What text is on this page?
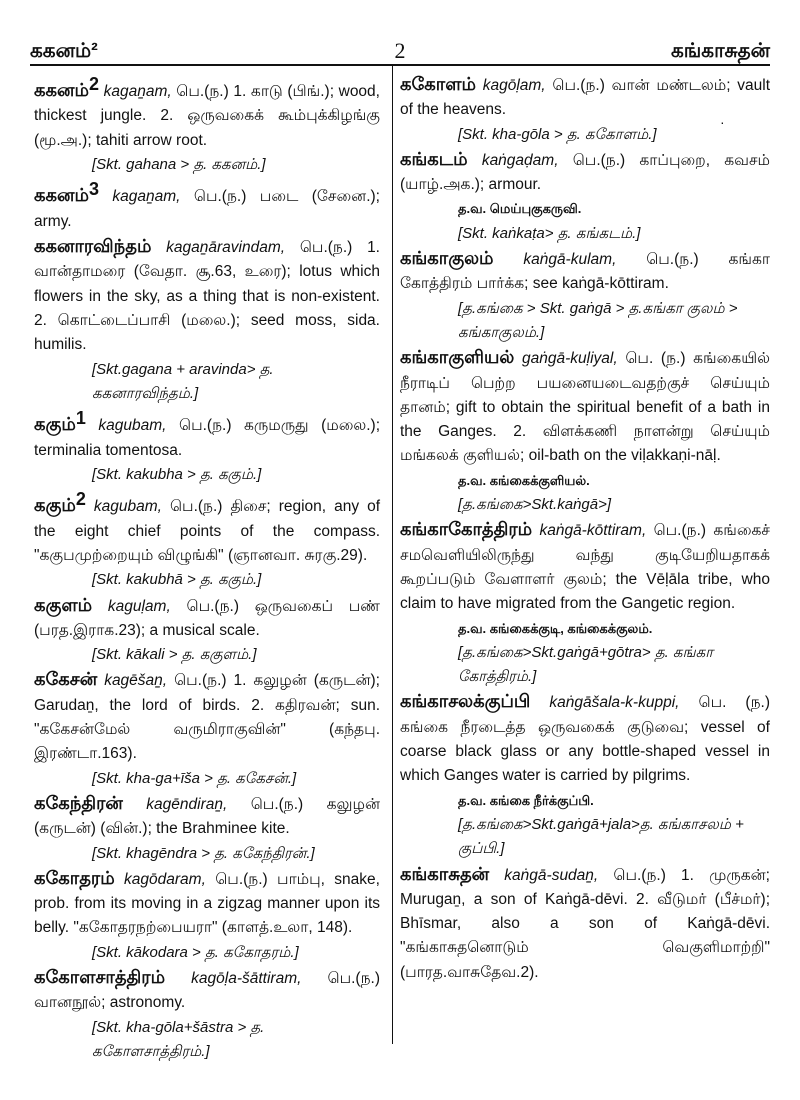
ககனம்²	2	கங்காசுதன்
·

ககனம்$^2$ kagaṉam, பெ.(ந.) 1. காடு (பிங்.); wood, thickest jungle. 2. ஒருவகைக் கூம்புக்கிழங்கு (மூ.அ.); tahiti arrow root.

[Skt. gahana > த. ககனம்.]

ககனம்$^3$ kagaṉam, பெ.(ந.) படை (சேனை.); army.

ககனாரவிந்தம் kagaṉāravindam, பெ.(ந.) 1. வான்தாமரை (வேதா. சூ.63, உரை); lotus which flowers in the sky, as a thing that is non-existent. 2. கொட்டைப்பாசி (மலை.); seed moss, sida. humilis.

[Skt.gagana + aravinda> த. ககனாரவிந்தம்.]

ககும்$^1$ kagubam, பெ.(ந.) கருமருது (மலை.); terminalia tomentosa.

[Skt. kakubha > த. ககும்.]

ககும்$^2$ kagubam, பெ.(ந.) திசை; region, any of the eight chief points of the compass. "ககுபமுற்றையும் விழுங்கி" (ஞானவா. சுரகு.29).

[Skt. kakubhā > த. ககும்.]

ககுளம் kaguḷam, பெ.(ந.) ஒருவகைப் பண் (பரத.இராக.23); a musical scale.

[Skt. kākali > த. ககுளம்.]

ககேசன் kagēšaṉ, பெ.(ந.) 1. கலுழன் (கருடன்); Garudaṉ, the lord of birds. 2. கதிரவன்; sun. "ககேசன்மேல் வருமிராகுவின்" (கந்தபு. இரண்டா.163).

[Skt. kha-ga+īša > த. ககேசன்.]

ககேந்திரன் kagēndiraṉ, பெ.(ந.) கலுழன் (கருடன்) (வின்.); the Brahminee kite.

[Skt. khagēndra > த. ககேந்திரன்.]

ககோதரம் kagōdaram, பெ.(ந.) பாம்பு, snake, prob. from its moving in a zigzag manner upon its belly. "ககோதரநற்பையரா" (காளத்.உலா, 148).

[Skt. kākodara > த. ககோதரம்.]

ககோளசாத்திரம் kagōḷa-šāttiram, பெ.(ந.) வானநூல்; astronomy.

[Skt. kha-gōla+šāstra > த. ககோளசாத்திரம்.]

ககோளம் kagōḷam, பெ.(ந.) வான் மண்டலம்; vault of the heavens.

[Skt. kha-gōla > த. ககோளம்.]

கங்கடம் kaṅgaḍam, பெ.(ந.) காப்புறை, கவசம் (யாழ்.அக.); armour.

த.வ. மெய்புகுகருவி.

[Skt. kaṅkaṭa> த. கங்கடம்.]

கங்காகுலம் kaṅgā-kulam, பெ.(ந.) கங்கா கோத்திரம் பார்க்க; see kaṅgā-kōttiram.

[த.கங்கை > Skt. gaṅgā > த.கங்கா குலம் > கங்காகுலம்.]

கங்காகுளியல் gaṅgā-kuḷiyal, பெ. (ந.) கங்கையில் நீராடிப் பெற்ற பயனையடைவதற்குச் செய்யும் தானம்; gift to obtain the spiritual benefit of a bath in the Ganges. 2. விளக்கணி நாளன்று செய்யும் மங்கலக் குளியல்; oil-bath on the viḷakkaṇi-nāḷ.

த.வ. கங்கைக்குளியல்.

[த.கங்கை>Skt.kaṅgā>]

கங்காகோத்திரம் kaṅgā-kōttiram, பெ.(ந.) கங்கைச் சமவெளியிலிருந்து வந்து குடியேறியதாகக் கூறப்படும் வேளாளர் குலம்; the Vēḷāla tribe, who claim to have migrated from the Gangetic region.

த.வ. கங்கைக்குடி, கங்கைக்குலம்.

[த.கங்கை>Skt.gaṅgā+gōtra> த. கங்கா கோத்திரம்.]

கங்காசலக்குப்பி kaṅgāšala-k-kuppi, பெ. (ந.) கங்கை நீரடைத்த ஒருவகைக் குடுவை; vessel of coarse black glass or any bottle-shaped vessel in which Ganges water is carried by pilgrims.

த.வ. கங்கை நீர்க்குப்பி.

[த.கங்கை>Skt.gaṅgā+jala>த. கங்காசலம் + குப்பி.]

கங்காசுதன் kaṅgā-sudaṉ, பெ.(ந.) 1. முருகன்; Murugaṉ, a son of Kaṅgā-dēvi. 2. வீடுமர் (பீச்மர்); Bhīsmar, also a son of Kaṅgā-dēvi. "கங்காசுதனொடும் வெகுளிமாற்றி" (பாரத.வாசுதேவ.2).
